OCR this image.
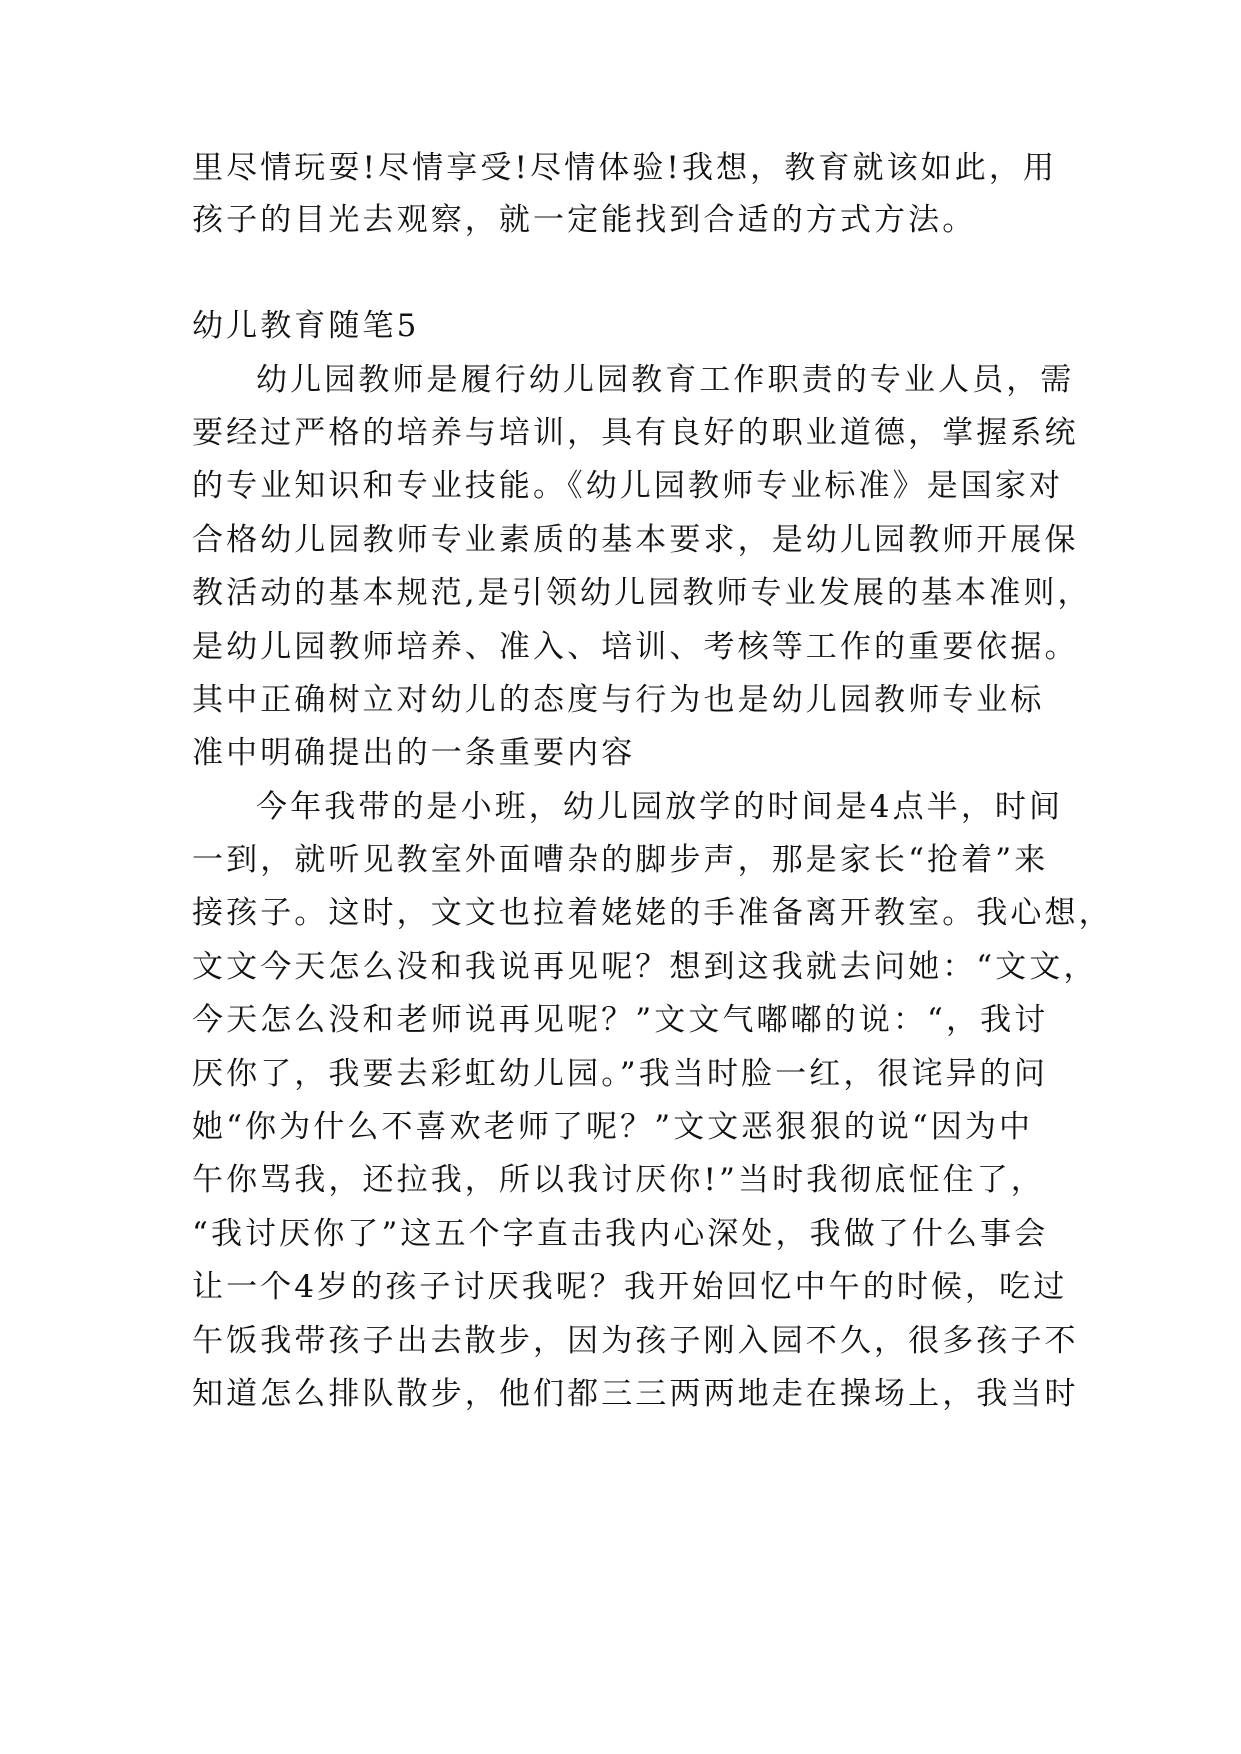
里尽情玩耍!尽情享受!尽情体验!我想，教育就该如此，用
孩子的目光去观察，就一定能找到合适的方式方法。
幼儿教育随笔5
幼儿园教师是履行幼儿园教育工作职责的专业人员，需
要经过严格的培养与培训，具有良好的职业道德，掌握系统
的专业知识和专业技能。《幼儿园教师专业标准》是国家对
合格幼儿园教师专业素质的基本要求，是幼儿园教师开展保
教活动的基本规范,是引领幼儿园教师专业发展的基本准则，
是幼儿园教师培养、准入、培训、考核等工作的重要依据。
其中正确树立对幼儿的态度与行为也是幼儿园教师专业标
准中明确提出的一条重要内容
今年我带的是小班，幼儿园放学的时间是4点半，时间
一到，就听见教室外面嘈杂的脚步声，那是家长“抢着”来
接孩子。这时，文文也拉着姥姥的手准备离开教室。我心想，
文文今天怎么没和我说再见呢？想到这我就去问她：“文文，
今天怎么没和老师说再见呢？”文文气嘟嘟的说：“，我讨
厌你了，我要去彩虹幼儿园。”我当时脸一红，很诧异的问
她“你为什么不喜欢老师了呢？”文文恶狠狠的说“因为中
午你骂我，还拉我，所以我讨厌你!”当时我彻底怔住了，
“我讨厌你了”这五个字直击我内心深处，我做了什么事会
让一个4岁的孩子讨厌我呢？我开始回忆中午的时候，吃过
午饭我带孩子出去散步，因为孩子刚入园不久，很多孩子不
知道怎么排队散步，他们都三三两两地走在操场上，我当时
